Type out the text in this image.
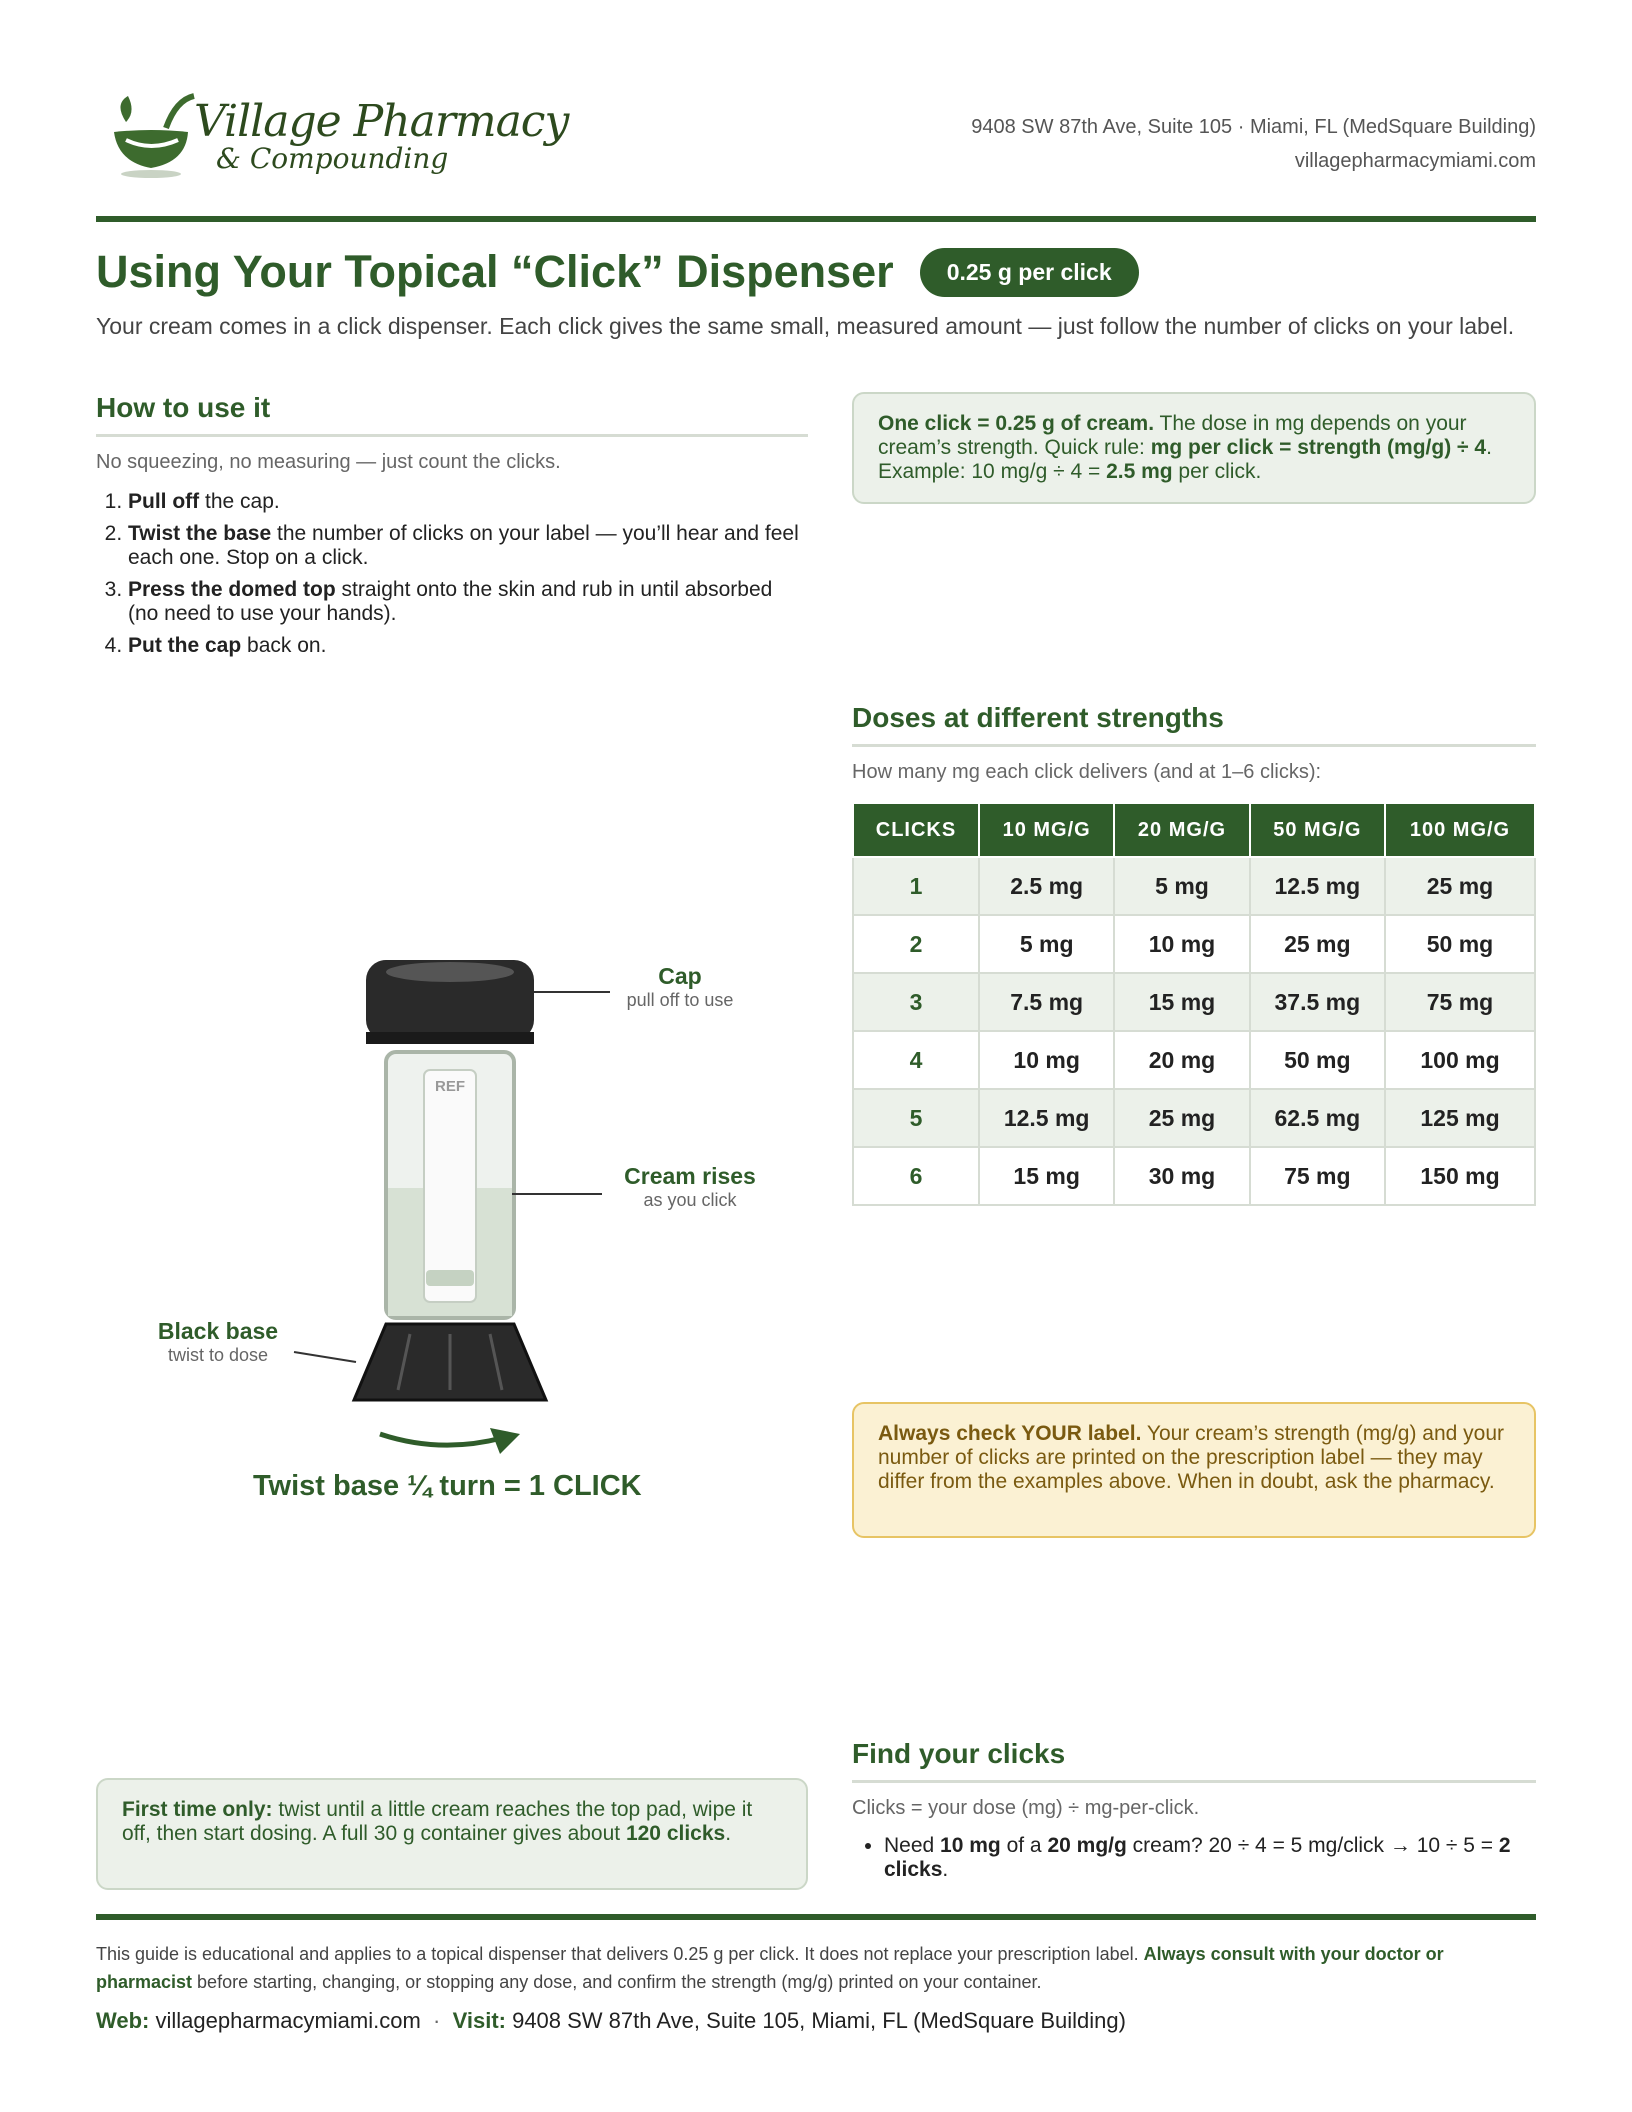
Village Pharmacy
& Compounding
9408 SW 87th Ave, Suite 105 · Miami, FL (MedSquare Building)
villagepharmacymiami.com
Using Your Topical “Click” Dispenser	0.25 g per click
Your cream comes in a click dispenser. Each click gives the same small, measured amount — just follow the number of clicks on your label.
How to use it
No squeezing, no measuring — just count the clicks.
1. Pull off the cap.
2. Twist the base the number of clicks on your label — you’ll hear and feel each one. Stop on a click.
3. Press the domed top straight onto the skin and rub in until absorbed (no need to use your hands).
4. Put the cap back on.
One click = 0.25 g of cream. The dose in mg depends on your cream’s strength. Quick rule: mg per click = strength (mg/g) ÷ 4. Example: 10 mg/g ÷ 4 = 2.5 mg per click.
Doses at different strengths
How many mg each click delivers (and at 1–6 clicks):
CLICKS	10 MG/G	20 MG/G	50 MG/G	100 MG/G
1	2.5 mg	5 mg	12.5 mg	25 mg
2	5 mg	10 mg	25 mg	50 mg
3	7.5 mg	15 mg	37.5 mg	75 mg
4	10 mg	20 mg	50 mg	100 mg
5	12.5 mg	25 mg	62.5 mg	125 mg
6	15 mg	30 mg	75 mg	150 mg
REF
Cap
pull off to use
Cream rises
as you click
Black base
twist to dose
Twist base ¼ turn = 1 CLICK
Always check YOUR label. Your cream’s strength (mg/g) and your number of clicks are printed on the prescription label — they may differ from the examples above. When in doubt, ask the pharmacy.
First time only: twist until a little cream reaches the top pad, wipe it off, then start dosing. A full 30 g container gives about 120 clicks.
Find your clicks
Clicks = your dose (mg) ÷ mg-per-click.
• Need 10 mg of a 20 mg/g cream? 20 ÷ 4 = 5 mg/click → 10 ÷ 5 = 2 clicks.
This guide is educational and applies to a topical dispenser that delivers 0.25 g per click. It does not replace your prescription label. Always consult with your doctor or pharmacist before starting, changing, or stopping any dose, and confirm the strength (mg/g) printed on your container.
Web: villagepharmacymiami.com  ·  Visit: 9408 SW 87th Ave, Suite 105, Miami, FL (MedSquare Building)
